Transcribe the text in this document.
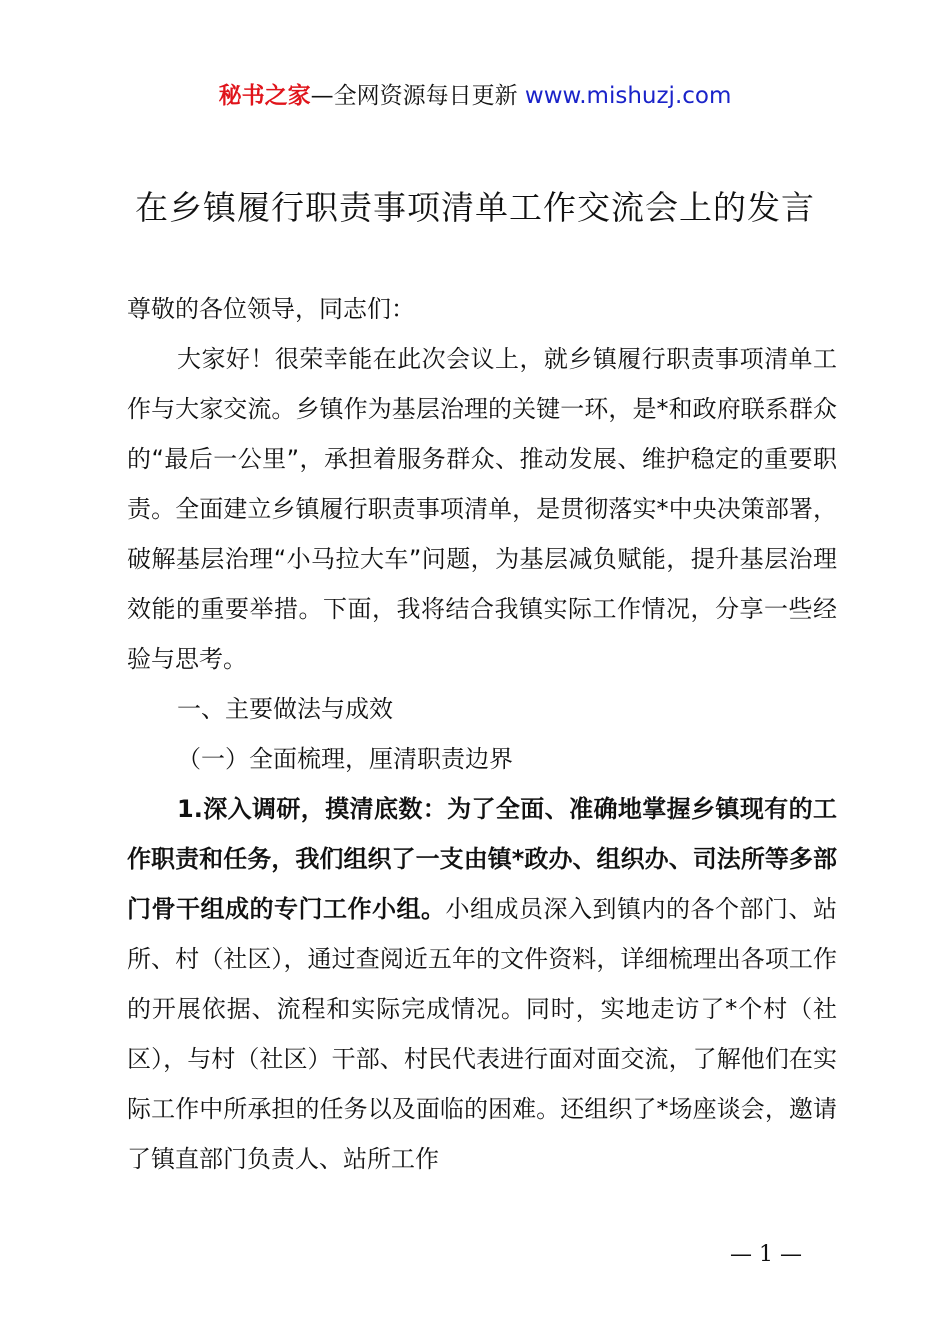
秘书之家—全网资源每日更新 www.mishuzj.com
在乡镇履行职责事项清单工作交流会上的发言

尊敬的各位领导，同志们：

大家好！很荣幸能在此次会议上，就乡镇履行职责事项清单工作与大家交流。乡镇作为基层治理的关键一环，是*和政府联系群众的“最后一公里”，承担着服务群众、推动发展、维护稳定的重要职责。全面建立乡镇履行职责事项清单，是贯彻落实*中央决策部署，破解基层治理“小马拉大车”问题，为基层减负赋能，提升基层治理效能的重要举措。下面，我将结合我镇实际工作情况，分享一些经验与思考。

一、主要做法与成效

（一）全面梳理，厘清职责边界

1.深入调研，摸清底数：为了全面、准确地掌握乡镇现有的工作职责和任务，我们组织了一支由镇*政办、组织办、司法所等多部门骨干组成的专门工作小组。小组成员深入到镇内的各个部门、站所、村（社区），通过查阅近五年的文件资料，详细梳理出各项工作的开展依据、流程和实际完成情况。同时，实地走访了*个村（社区），与村（社区）干部、村民代表进行面对面交流，了解他们在实际工作中所承担的任务以及面临的困难。还组织了*场座谈会，邀请了镇直部门负责人、站所工作

— 1 —
